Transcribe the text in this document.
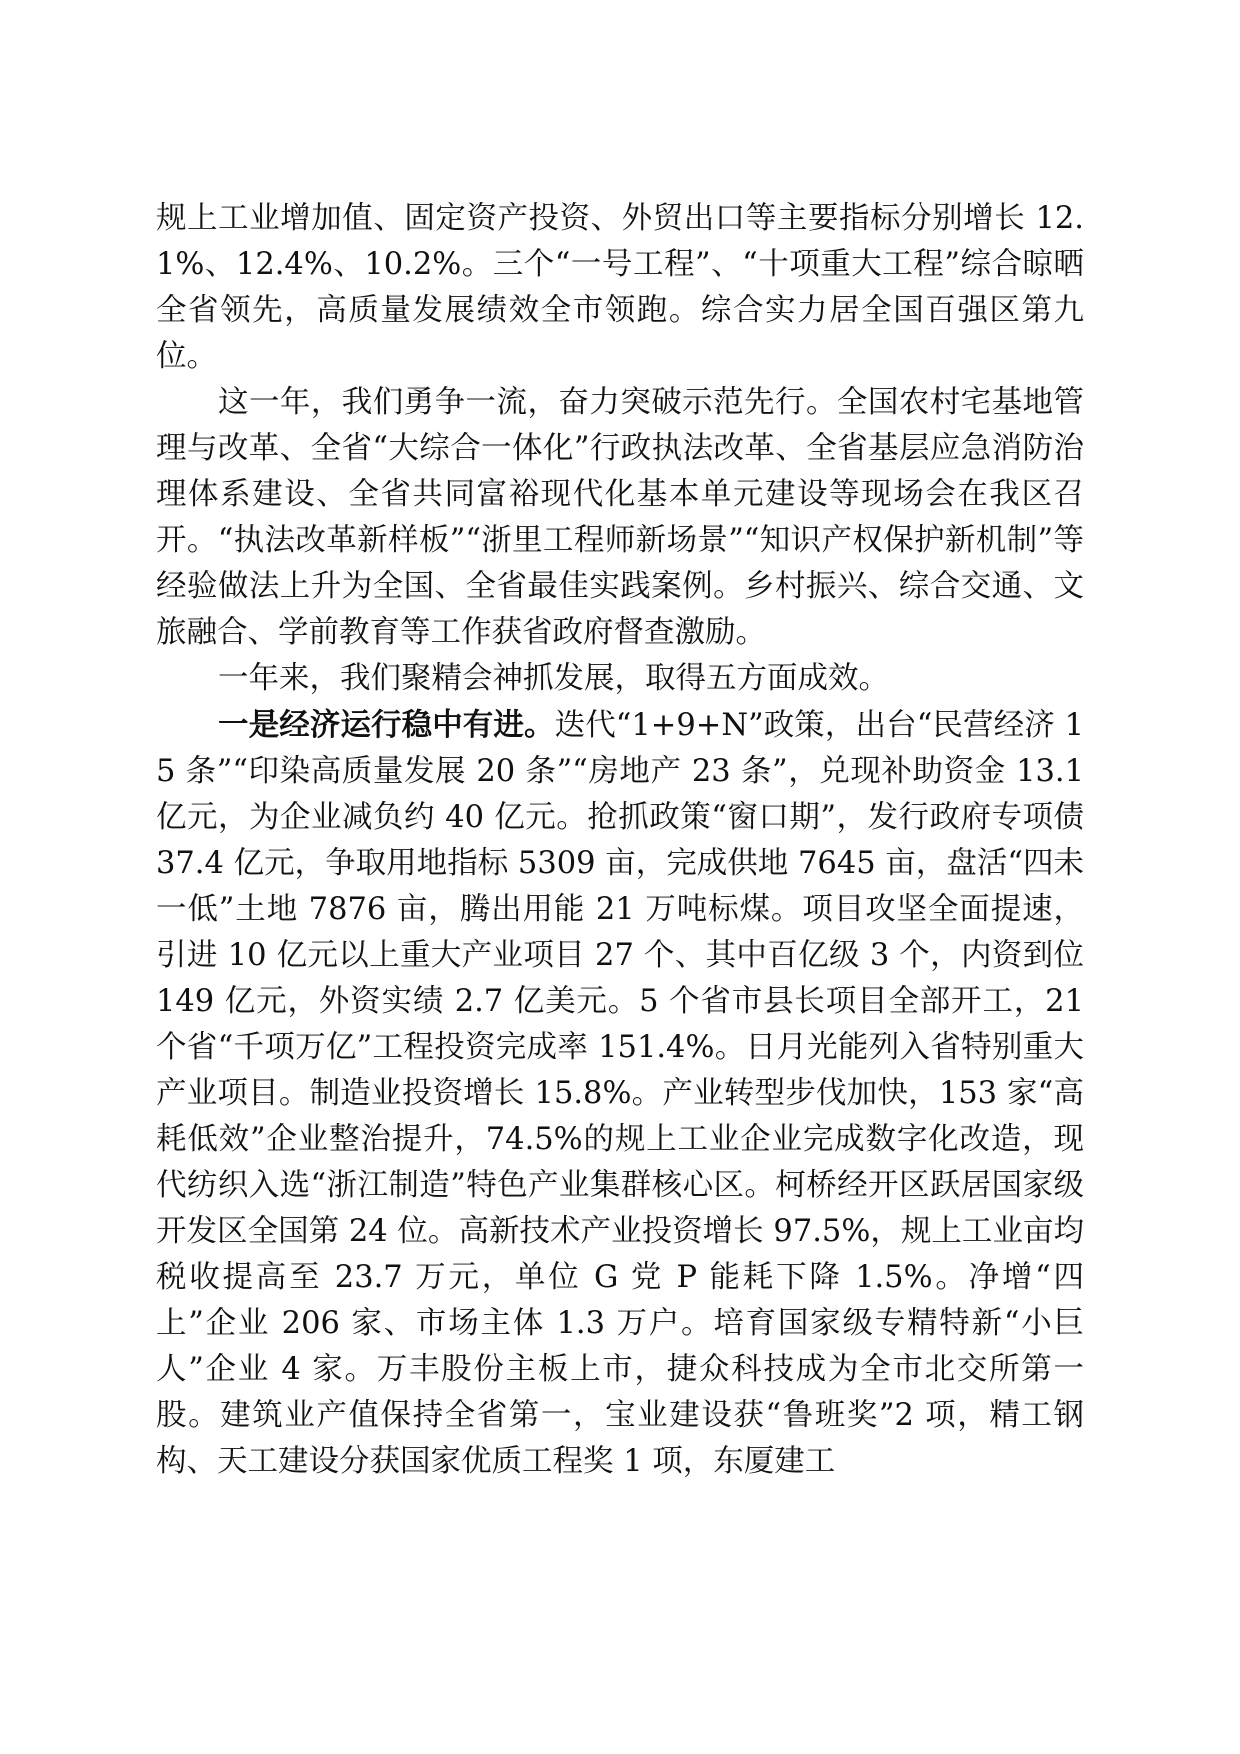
规上工业增加值、固定资产投资、外贸出口等主要指标分别增长 12.1%、12.4%、10.2%。三个“一号工程”、“十项重大工程”综合晾晒全省领先，高质量发展绩效全市领跑。综合实力居全国百强区第九位。

这一年，我们勇争一流，奋力突破示范先行。全国农村宅基地管理与改革、全省“大综合一体化”行政执法改革、全省基层应急消防治理体系建设、全省共同富裕现代化基本单元建设等现场会在我区召开。“执法改革新样板”“浙里工程师新场景”“知识产权保护新机制”等经验做法上升为全国、全省最佳实践案例。乡村振兴、综合交通、文旅融合、学前教育等工作获省政府督查激励。

一年来，我们聚精会神抓发展，取得五方面成效。

一是经济运行稳中有进。迭代“1+9+N”政策，出台“民营经济 15 条”“印染高质量发展 20 条”“房地产 23 条”，兑现补助资金 13.1 亿元，为企业减负约 40 亿元。抢抓政策“窗口期”，发行政府专项债 37.4 亿元，争取用地指标 5309 亩，完成供地 7645 亩，盘活“四未一低”土地 7876 亩，腾出用能 21 万吨标煤。项目攻坚全面提速，引进 10 亿元以上重大产业项目 27 个、其中百亿级 3 个，内资到位 149 亿元，外资实绩 2.7 亿美元。5 个省市县长项目全部开工，21 个省“千项万亿”工程投资完成率 151.4%。日月光能列入省特别重大产业项目。制造业投资增长 15.8%。产业转型步伐加快，153 家“高耗低效”企业整治提升，74.5%的规上工业企业完成数字化改造，现代纺织入选“浙江制造”特色产业集群核心区。柯桥经开区跃居国家级开发区全国第 24 位。高新技术产业投资增长 97.5%，规上工业亩均税收提高至 23.7 万元，单位 G 党 P 能耗下降 1.5%。净增“四上”企业 206 家、市场主体 1.3 万户。培育国家级专精特新“小巨人”企业 4 家。万丰股份主板上市，捷众科技成为全市北交所第一股。建筑业产值保持全省第一，宝业建设获“鲁班奖”2 项，精工钢构、天工建设分获国家优质工程奖 1 项，东厦建工
